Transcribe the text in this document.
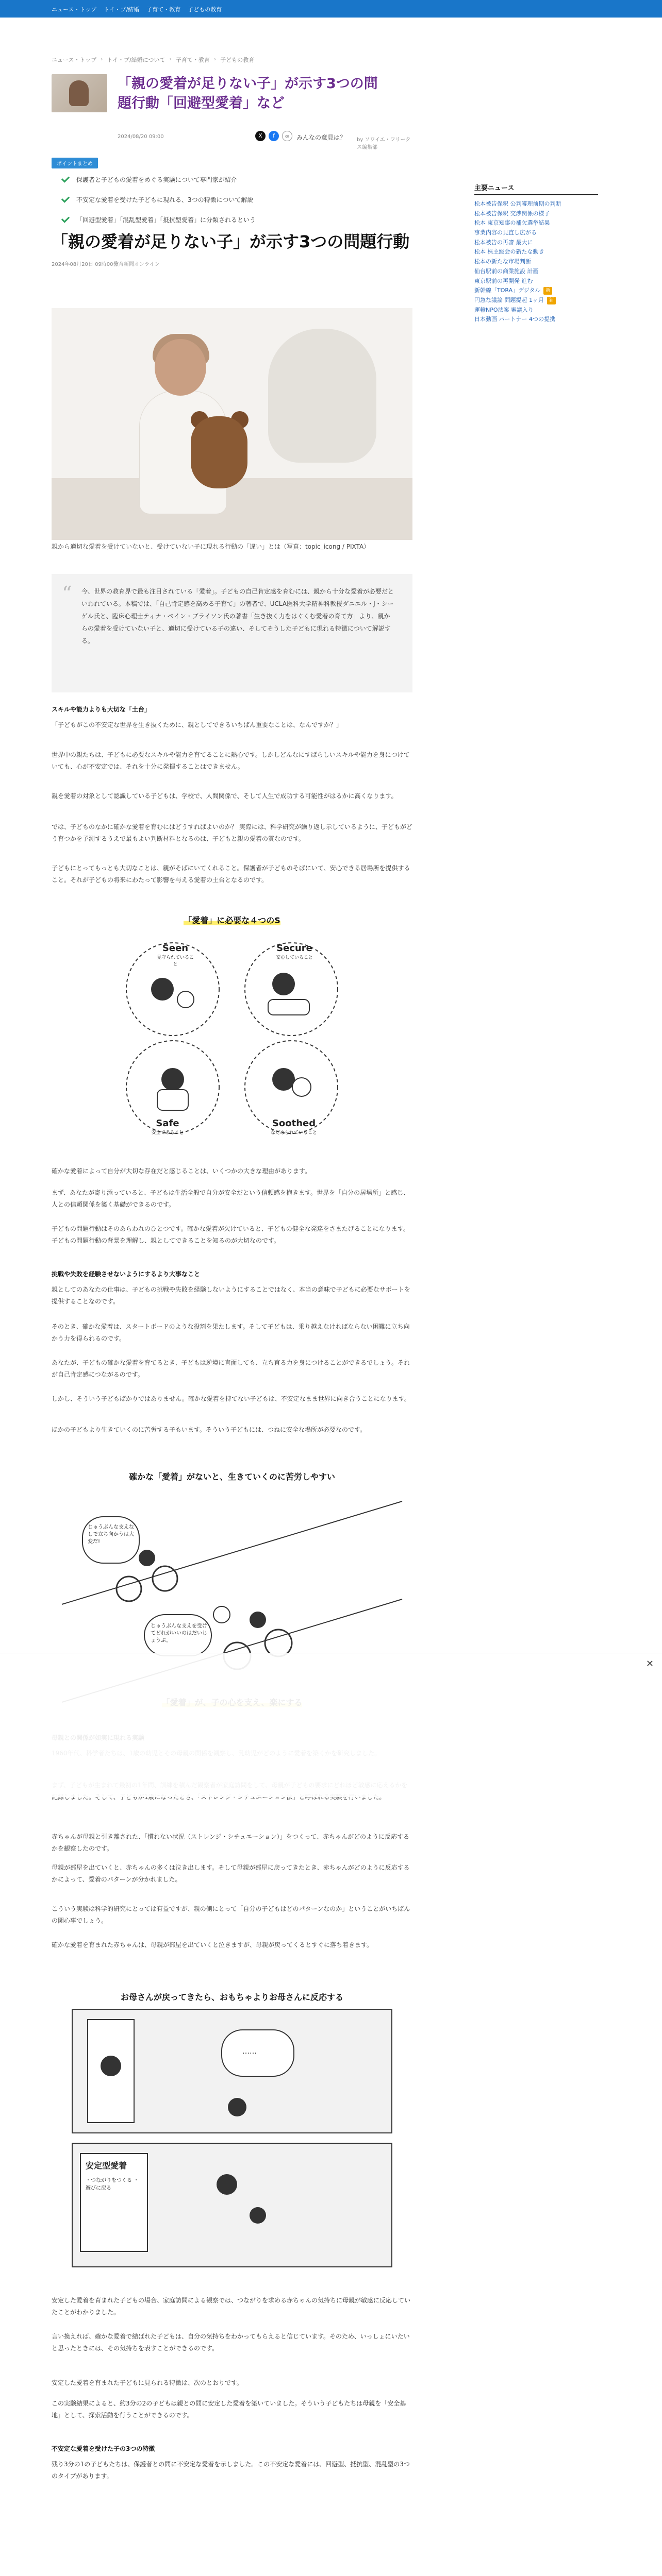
ニュース・トップ トイ・ブ/結婚 子育て・教育 子どもの教育
ニュース・トップ › トイ・ブ/結婚について › 子育て・教育 › 子どもの教育
「親の愛着が足りない子」が示す3つの問題行動「回避型愛着」など
2024/08/20 09:00	X	f	∞	みんなの意見は？ by ソワイエ・フリークス編集部
ポイントまとめ
保護者と子どもの愛着をめぐる実験について専門家が紹介
不安定な愛着を受けた子どもに現れる、3つの特徴について解説
「回避型愛着」「混乱型愛着」「抵抗型愛着」に分類されるという
「親の愛着が足りない子」が示す3つの問題行動
2024年08月20日 09時00分
教育新聞オンライン
親から適切な愛着を受けていないと、受けていない子に現れる行動の「違い」とは（写真：topic_icong / PIXTA）
“ 今、世界の教育界で最も注目されている「愛着」。子どもの自己肯定感を育むには、親から十分な愛着が必要だといわれている。本稿では、「自己肯定感を高める子育て」の著者で、UCLA医科大学精神科教授ダニエル・J・シーゲル氏と、臨床心理士ティナ・ペイン・ブライソン氏の著書「生き抜く力をはぐくむ愛着の育て方」より、親からの愛着を受けていない子と、適切に受けている子の違い、そしてそうした子どもに現れる特徴について解説する。

スキルや能力よりも大切な「土台」

「子どもがこの不安定な世界を生き抜くために、親としてできるいちばん重要なことは、なんですか？」

世界中の親たちは、子どもに必要なスキルや能力を育てることに熱心です。しかしどんなにすばらしいスキルや能力を身につけていても、心が不安定では、それを十分に発揮することはできません。

親を愛着の対象として認識している子どもは、学校で、人間関係で、そして人生で成功する可能性がはるかに高くなります。

では、子どものなかに確かな愛着を育むにはどうすればよいのか？ 実際には、科学研究が繰り返し示しているように、子どもがどう育つかを予測するうえで最もよい判断材料となるのは、子どもと親の愛着の質なのです。

子どもにとってもっとも大切なことは、親がそばにいてくれること。保護者が子どものそばにいて、安心できる居場所を提供すること。それが子どもの将来にわたって影響を与える愛着の土台となるのです。

「愛着」に必要な４つのS
Seen
見守られていること
Secure
安心していること
Safe
安全であること
Soothed
なだめられていること

確かな愛着によって自分が大切な存在だと感じることは、いくつかの大きな理由があります。

まず、あなたが寄り添っていると、子どもは生活全般で自分が安全だという信頼感を抱きます。世界を「自分の居場所」と感じ、人との信頼関係を築く基礎ができるのです。

子どもの問題行動はそのあらわれのひとつです。確かな愛着が欠けていると、子どもの健全な発達をさまたげることになります。子どもの問題行動の背景を理解し、親としてできることを知るのが大切なのです。

挑戦や失敗を経験させないようにするより大事なこと

親としてのあなたの仕事は、子どもの挑戦や失敗を経験しないようにすることではなく、本当の意味で子どもに必要なサポートを提供することなのです。

そのとき、確かな愛着は、スタートボードのような役割を果たします。そして子どもは、乗り越えなければならない困難に立ち向かう力を得られるのです。

あなたが、子どもの確かな愛着を育てるとき、子どもは逆境に直面しても、立ち直る力を身につけることができるでしょう。それが自己肯定感につながるのです。

しかし、そういう子どもばかりではありません。確かな愛着を持てない子どもは、不安定なまま世界に向き合うことになります。

ほかの子どもより生きていくのに苦労する子もいます。そういう子どもには、つねに安全な場所が必要なのです。

確かな「愛着」がないと、生きていくのに苦労しやすい
じゅうぶんな支えなしで立ち向かうは大変だ!
じゅうぶんな支えを受けてどれがいいのはだいじょうぶ。

赤ちゃんが母親と引き離された、「慣れない状況（ストレンジ・シチュエーション）」をつくって、赤ちゃんがどのように反応するかを観察したのです。

母親が部屋を出ていくと、赤ちゃんの多くは泣き出します。そして母親が部屋に戻ってきたとき、赤ちゃんがどのように反応するかによって、愛着のパターンが分かれました。

こういう実験は科学的研究にとっては有益ですが、親の側にとって「自分の子どもはどのパターンなのか」ということがいちばんの関心事でしょう。

確かな愛着を育まれた赤ちゃんは、母親が部屋を出ていくと泣きますが、母親が戻ってくるとすぐに落ち着きます。

お母さんが戻ってきたら、おもちゃよりお母さんに反応する
……
安定型愛着
・つながりをつくる ・遊びに戻る

安定した愛着を育まれた子どもの場合、家庭訪問による観察では、つながりを求める赤ちゃんの気持ちに母親が敏感に反応していたことがわかりました。

言い換えれば、確かな愛着で結ばれた子どもは、自分の気持ちをわかってもらえると信じています。そのため、いっしょにいたいと思ったときには、その気持ちを表すことができるのです。

安定した愛着を育まれた子どもに見られる特徴は、次のとおりです。

この実験結果によると、約3分の2の子どもは親との間に安定した愛着を築いていました。そういう子どもたちは母親を「安全基地」として、探索活動を行うことができるのです。

不安定な愛着を受けた子の3つの特徴

残り3分の1の子どもたちは、保護者との間に不安定な愛着を示しました。この不安定な愛着には、回避型、抵抗型、混乱型の3つのタイプがあります。

主要ニュース
松本被告保釈 公判審理前期の判断
松本被告保釈 交渉関係の様子
松本 東京知事の補欠選挙結果
事業内容の見直し広がる
松本被告の再審 最大に
松本 株主総会の新たな動き
松本の新たな市場判断
仙台駅前の商業施設 計画
東京駅前の再開発 進む
新幹線「TORA」デジタル	新
円急な議論 問題提起 1ヶ月	新
運輸NPO法案 審議入り
日本動画 パートナー 4つの提携
✕
